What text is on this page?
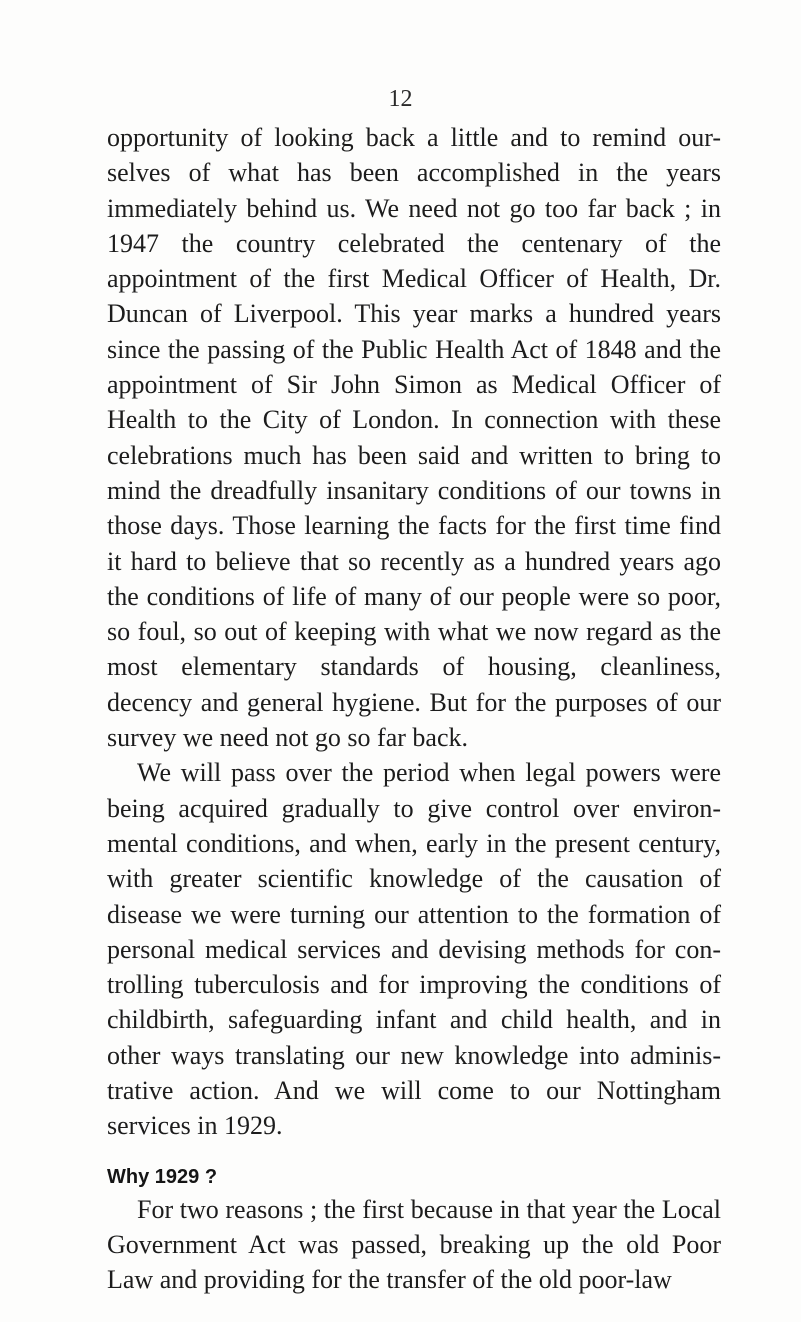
12

opportunity of looking back a little and to remind our-selves of what has been accomplished in the years immediately behind us. We need not go too far back ; in 1947 the country celebrated the centenary of the appointment of the first Medical Officer of Health, Dr. Duncan of Liverpool. This year marks a hundred years since the passing of the Public Health Act of 1848 and the appointment of Sir John Simon as Medical Officer of Health to the City of London. In connection with these celebrations much has been said and written to bring to mind the dreadfully insanitary conditions of our towns in those days. Those learning the facts for the first time find it hard to believe that so recently as a hundred years ago the conditions of life of many of our people were so poor, so foul, so out of keeping with what we now regard as the most elementary standards of housing, cleanliness, decency and general hygiene. But for the purposes of our survey we need not go so far back.

We will pass over the period when legal powers were being acquired gradually to give control over environ-mental conditions, and when, early in the present century, with greater scientific knowledge of the causation of disease we were turning our attention to the formation of personal medical services and devising methods for con-trolling tuberculosis and for improving the conditions of childbirth, safeguarding infant and child health, and in other ways translating our new knowledge into adminis-trative action. And we will come to our Nottingham services in 1929.

Why 1929 ?

For two reasons ; the first because in that year the Local Government Act was passed, breaking up the old Poor Law and providing for the transfer of the old poor-law
